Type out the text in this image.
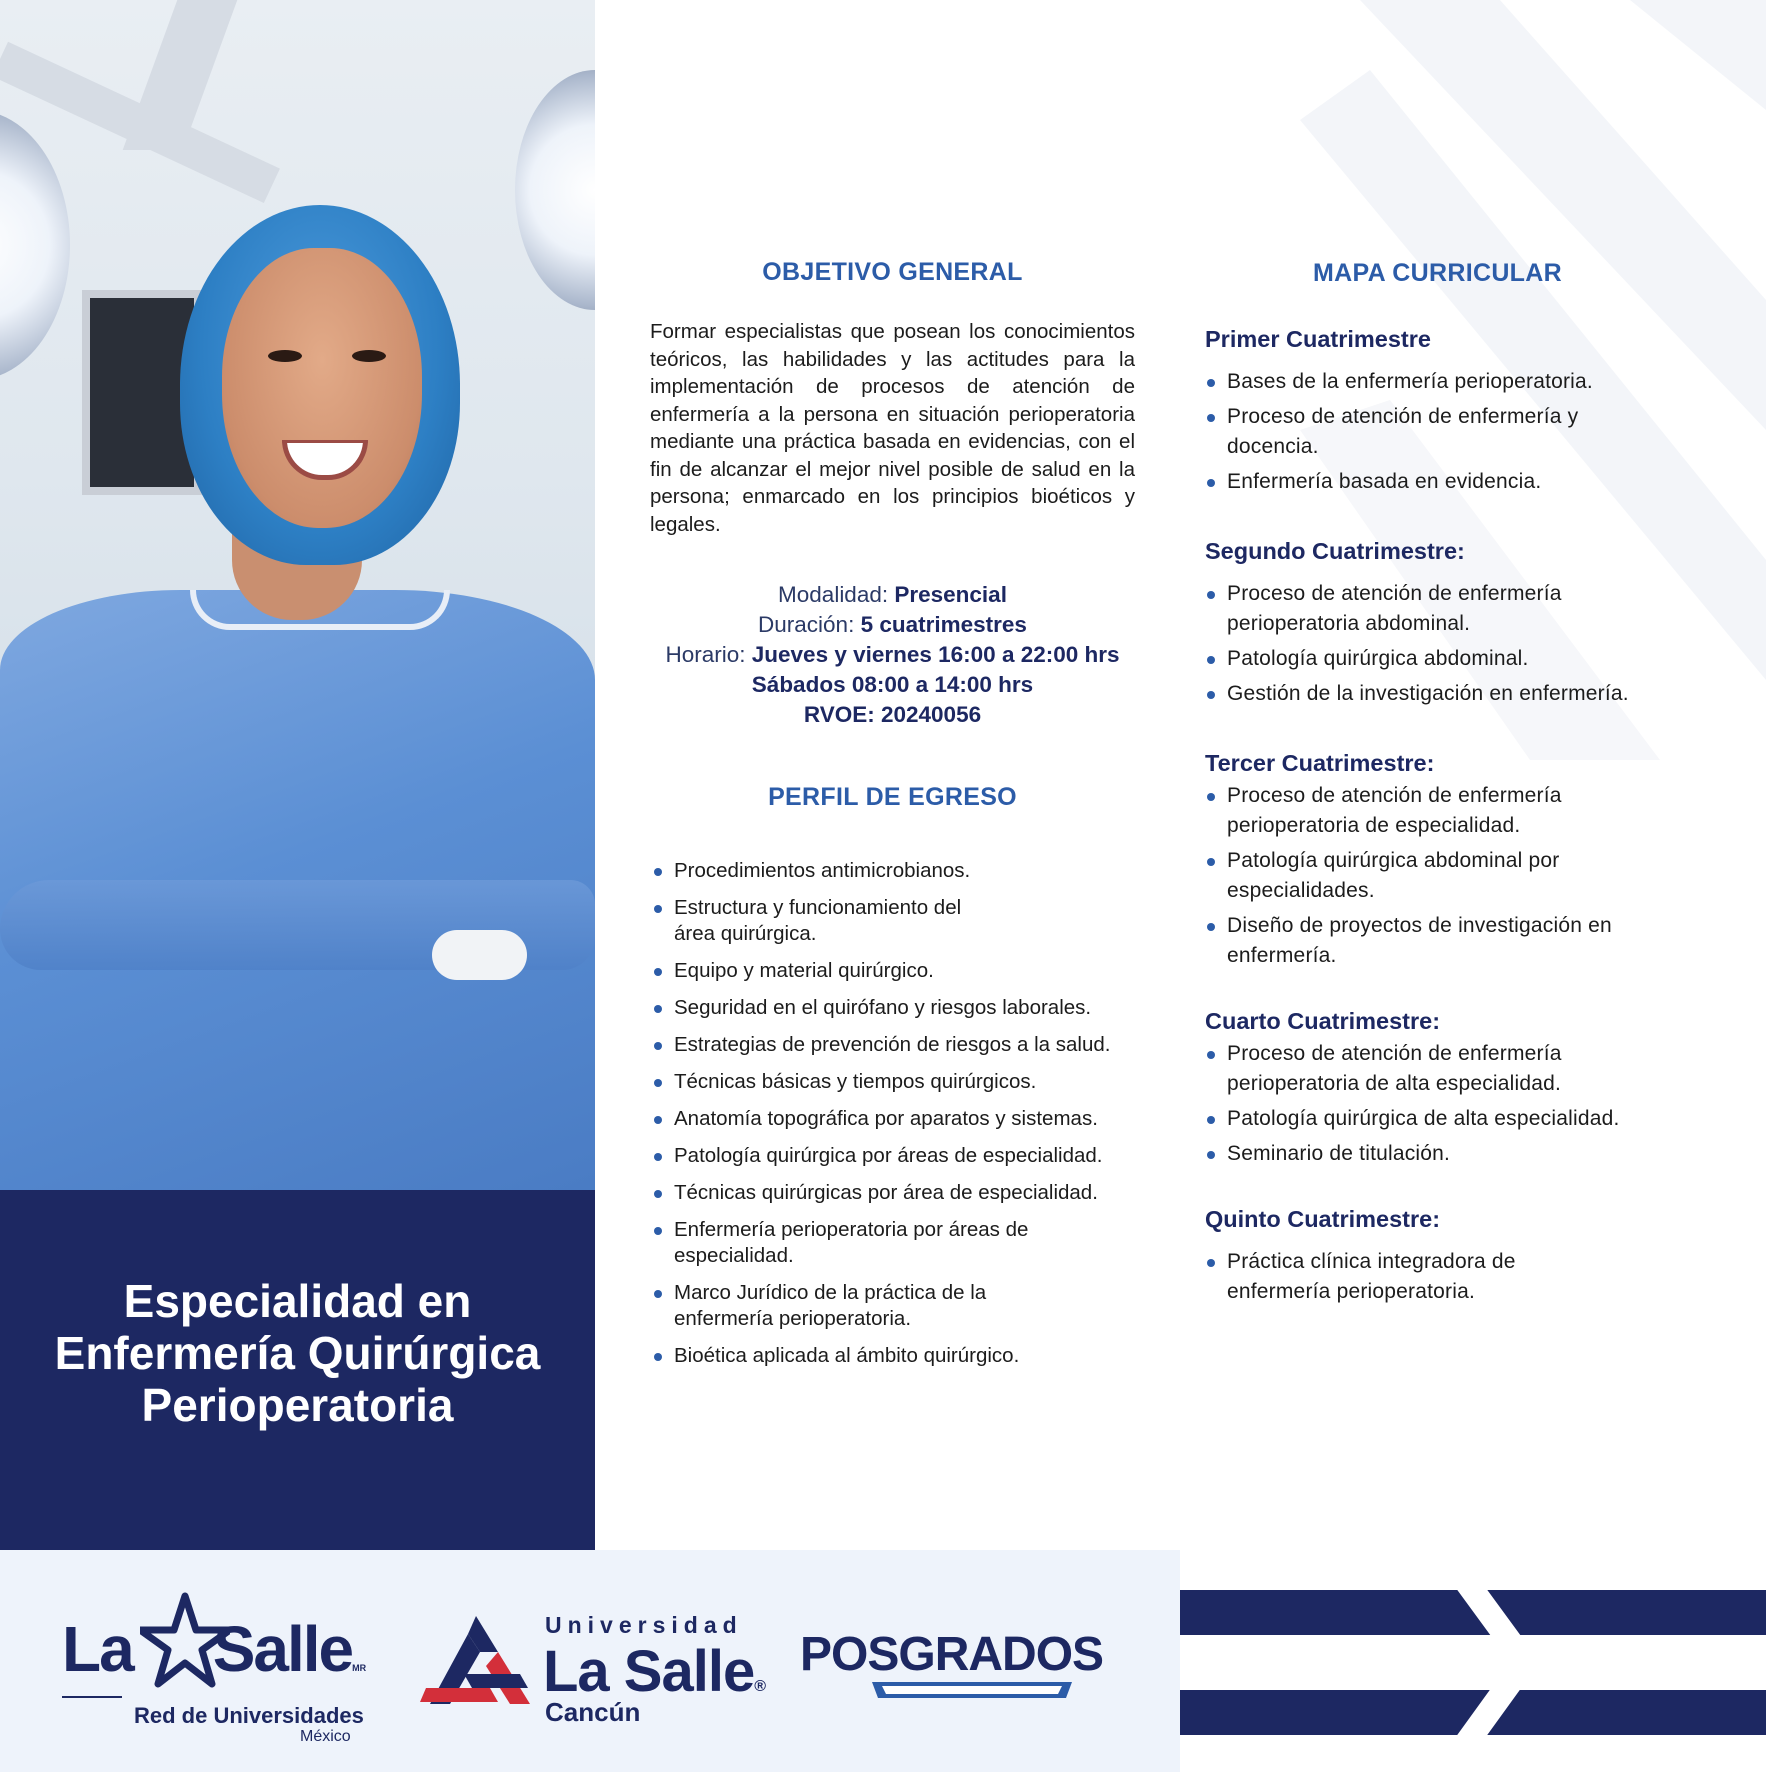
Especialidad en
Enfermería Quirúrgica
Perioperatoria
OBJETIVO GENERAL

Formar especialistas que posean los conocimientos teóricos, las habilidades y las actitudes para la implementación de procesos de atención de enfermería a la persona en situación perioperatoria mediante una práctica basada en evidencias, con el fin de alcanzar el mejor nivel posible de salud en la persona; enmarcado en los principios bioéticos y legales.

Modalidad: Presencial
Duración: 5 cuatrimestres
Horario: Jueves y viernes 16:00 a 22:00 hrs
Sábados 08:00 a 14:00 hrs
RVOE: 20240056
PERFIL DE EGRESO
Procedimientos antimicrobianos.
Estructura y funcionamiento del área quirúrgica.
Equipo y material quirúrgico.
Seguridad en el quirófano y riesgos laborales.
Estrategias de prevención de riesgos a la salud.
Técnicas básicas y tiempos quirúrgicos.
Anatomía topográfica por aparatos y sistemas.
Patología quirúrgica por áreas de especialidad.
Técnicas quirúrgicas por área de especialidad.
Enfermería perioperatoria por áreas de especialidad.
Marco Jurídico de la práctica de la enfermería perioperatoria.
Bioética aplicada al ámbito quirúrgico.
MAPA CURRICULAR
Primer Cuatrimestre
Bases de la enfermería perioperatoria.
Proceso de atención de enfermería y docencia.
Enfermería basada en evidencia.
Segundo Cuatrimestre:
Proceso de atención de enfermería perioperatoria abdominal.
Patología quirúrgica abdominal.
Gestión de la investigación en enfermería.
Tercer Cuatrimestre:
Proceso de atención de enfermería perioperatoria de especialidad.
Patología quirúrgica abdominal por especialidades.
Diseño de proyectos de investigación en enfermería.
Cuarto Cuatrimestre:
Proceso de atención de enfermería perioperatoria de alta especialidad.
Patología quirúrgica de alta especialidad.
Seminario de titulación.
Quinto Cuatrimestre:
Práctica clínica integradora de enfermería perioperatoria.
La SalleMR
Red de Universidades
México
Universidad
La Salle®
Cancún
POSGRADOS
